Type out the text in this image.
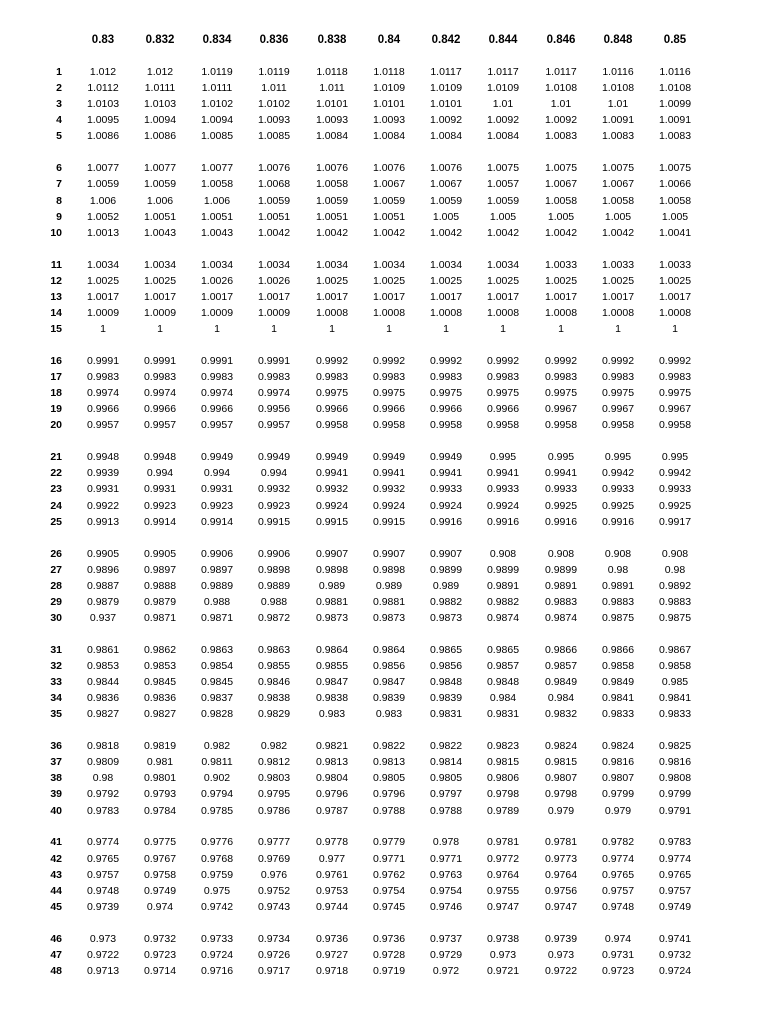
0.83	0.832	0.834	0.836	0.838	0.84	0.842	0.844	0.846	0.848	0.85
1	1.012	1.012	1.0119	1.0119	1.0118	1.0118	1.0117	1.0117	1.0117	1.0116	1.0116
2	1.0112	1.0111	1.0111	1.011	1.011	1.0109	1.0109	1.0109	1.0108	1.0108	1.0108
3	1.0103	1.0103	1.0102	1.0102	1.0101	1.0101	1.0101	1.01	1.01	1.01	1.0099
4	1.0095	1.0094	1.0094	1.0093	1.0093	1.0093	1.0092	1.0092	1.0092	1.0091	1.0091
5	1.0086	1.0086	1.0085	1.0085	1.0084	1.0084	1.0084	1.0084	1.0083	1.0083	1.0083
6	1.0077	1.0077	1.0077	1.0076	1.0076	1.0076	1.0076	1.0075	1.0075	1.0075	1.0075
7	1.0059	1.0059	1.0058	1.0068	1.0058	1.0067	1.0067	1.0057	1.0067	1.0067	1.0066
8	1.006	1.006	1.006	1.0059	1.0059	1.0059	1.0059	1.0059	1.0058	1.0058	1.0058
9	1.0052	1.0051	1.0051	1.0051	1.0051	1.0051	1.005	1.005	1.005	1.005	1.005
10	1.0013	1.0043	1.0043	1.0042	1.0042	1.0042	1.0042	1.0042	1.0042	1.0042	1.0041
11	1.0034	1.0034	1.0034	1.0034	1.0034	1.0034	1.0034	1.0034	1.0033	1.0033	1.0033
12	1.0025	1.0025	1.0026	1.0026	1.0025	1.0025	1.0025	1.0025	1.0025	1.0025	1.0025
13	1.0017	1.0017	1.0017	1.0017	1.0017	1.0017	1.0017	1.0017	1.0017	1.0017	1.0017
14	1.0009	1.0009	1.0009	1.0009	1.0008	1.0008	1.0008	1.0008	1.0008	1.0008	1.0008
15	1	1	1	1	1	1	1	1	1	1	1
16	0.9991	0.9991	0.9991	0.9991	0.9992	0.9992	0.9992	0.9992	0.9992	0.9992	0.9992
17	0.9983	0.9983	0.9983	0.9983	0.9983	0.9983	0.9983	0.9983	0.9983	0.9983	0.9983
18	0.9974	0.9974	0.9974	0.9974	0.9975	0.9975	0.9975	0.9975	0.9975	0.9975	0.9975
19	0.9966	0.9966	0.9966	0.9956	0.9966	0.9966	0.9966	0.9966	0.9967	0.9967	0.9967
20	0.9957	0.9957	0.9957	0.9957	0.9958	0.9958	0.9958	0.9958	0.9958	0.9958	0.9958
21	0.9948	0.9948	0.9949	0.9949	0.9949	0.9949	0.9949	0.995	0.995	0.995	0.995
22	0.9939	0.994	0.994	0.994	0.9941	0.9941	0.9941	0.9941	0.9941	0.9942	0.9942
23	0.9931	0.9931	0.9931	0.9932	0.9932	0.9932	0.9933	0.9933	0.9933	0.9933	0.9933
24	0.9922	0.9923	0.9923	0.9923	0.9924	0.9924	0.9924	0.9924	0.9925	0.9925	0.9925
25	0.9913	0.9914	0.9914	0.9915	0.9915	0.9915	0.9916	0.9916	0.9916	0.9916	0.9917
26	0.9905	0.9905	0.9906	0.9906	0.9907	0.9907	0.9907	0.908	0.908	0.908	0.908
27	0.9896	0.9897	0.9897	0.9898	0.9898	0.9898	0.9899	0.9899	0.9899	0.98	0.98
28	0.9887	0.9888	0.9889	0.9889	0.989	0.989	0.989	0.9891	0.9891	0.9891	0.9892
29	0.9879	0.9879	0.988	0.988	0.9881	0.9881	0.9882	0.9882	0.9883	0.9883	0.9883
30	0.937	0.9871	0.9871	0.9872	0.9873	0.9873	0.9873	0.9874	0.9874	0.9875	0.9875
31	0.9861	0.9862	0.9863	0.9863	0.9864	0.9864	0.9865	0.9865	0.9866	0.9866	0.9867
32	0.9853	0.9853	0.9854	0.9855	0.9855	0.9856	0.9856	0.9857	0.9857	0.9858	0.9858
33	0.9844	0.9845	0.9845	0.9846	0.9847	0.9847	0.9848	0.9848	0.9849	0.9849	0.985
34	0.9836	0.9836	0.9837	0.9838	0.9838	0.9839	0.9839	0.984	0.984	0.9841	0.9841
35	0.9827	0.9827	0.9828	0.9829	0.983	0.983	0.9831	0.9831	0.9832	0.9833	0.9833
36	0.9818	0.9819	0.982	0.982	0.9821	0.9822	0.9822	0.9823	0.9824	0.9824	0.9825
37	0.9809	0.981	0.9811	0.9812	0.9813	0.9813	0.9814	0.9815	0.9815	0.9816	0.9816
38	0.98	0.9801	0.902	0.9803	0.9804	0.9805	0.9805	0.9806	0.9807	0.9807	0.9808
39	0.9792	0.9793	0.9794	0.9795	0.9796	0.9796	0.9797	0.9798	0.9798	0.9799	0.9799
40	0.9783	0.9784	0.9785	0.9786	0.9787	0.9788	0.9788	0.9789	0.979	0.979	0.9791
41	0.9774	0.9775	0.9776	0.9777	0.9778	0.9779	0.978	0.9781	0.9781	0.9782	0.9783
42	0.9765	0.9767	0.9768	0.9769	0.977	0.9771	0.9771	0.9772	0.9773	0.9774	0.9774
43	0.9757	0.9758	0.9759	0.976	0.9761	0.9762	0.9763	0.9764	0.9764	0.9765	0.9765
44	0.9748	0.9749	0.975	0.9752	0.9753	0.9754	0.9754	0.9755	0.9756	0.9757	0.9757
45	0.9739	0.974	0.9742	0.9743	0.9744	0.9745	0.9746	0.9747	0.9747	0.9748	0.9749
46	0.973	0.9732	0.9733	0.9734	0.9736	0.9736	0.9737	0.9738	0.9739	0.974	0.9741
47	0.9722	0.9723	0.9724	0.9726	0.9727	0.9728	0.9729	0.973	0.973	0.9731	0.9732
48	0.9713	0.9714	0.9716	0.9717	0.9718	0.9719	0.972	0.9721	0.9722	0.9723	0.9724
